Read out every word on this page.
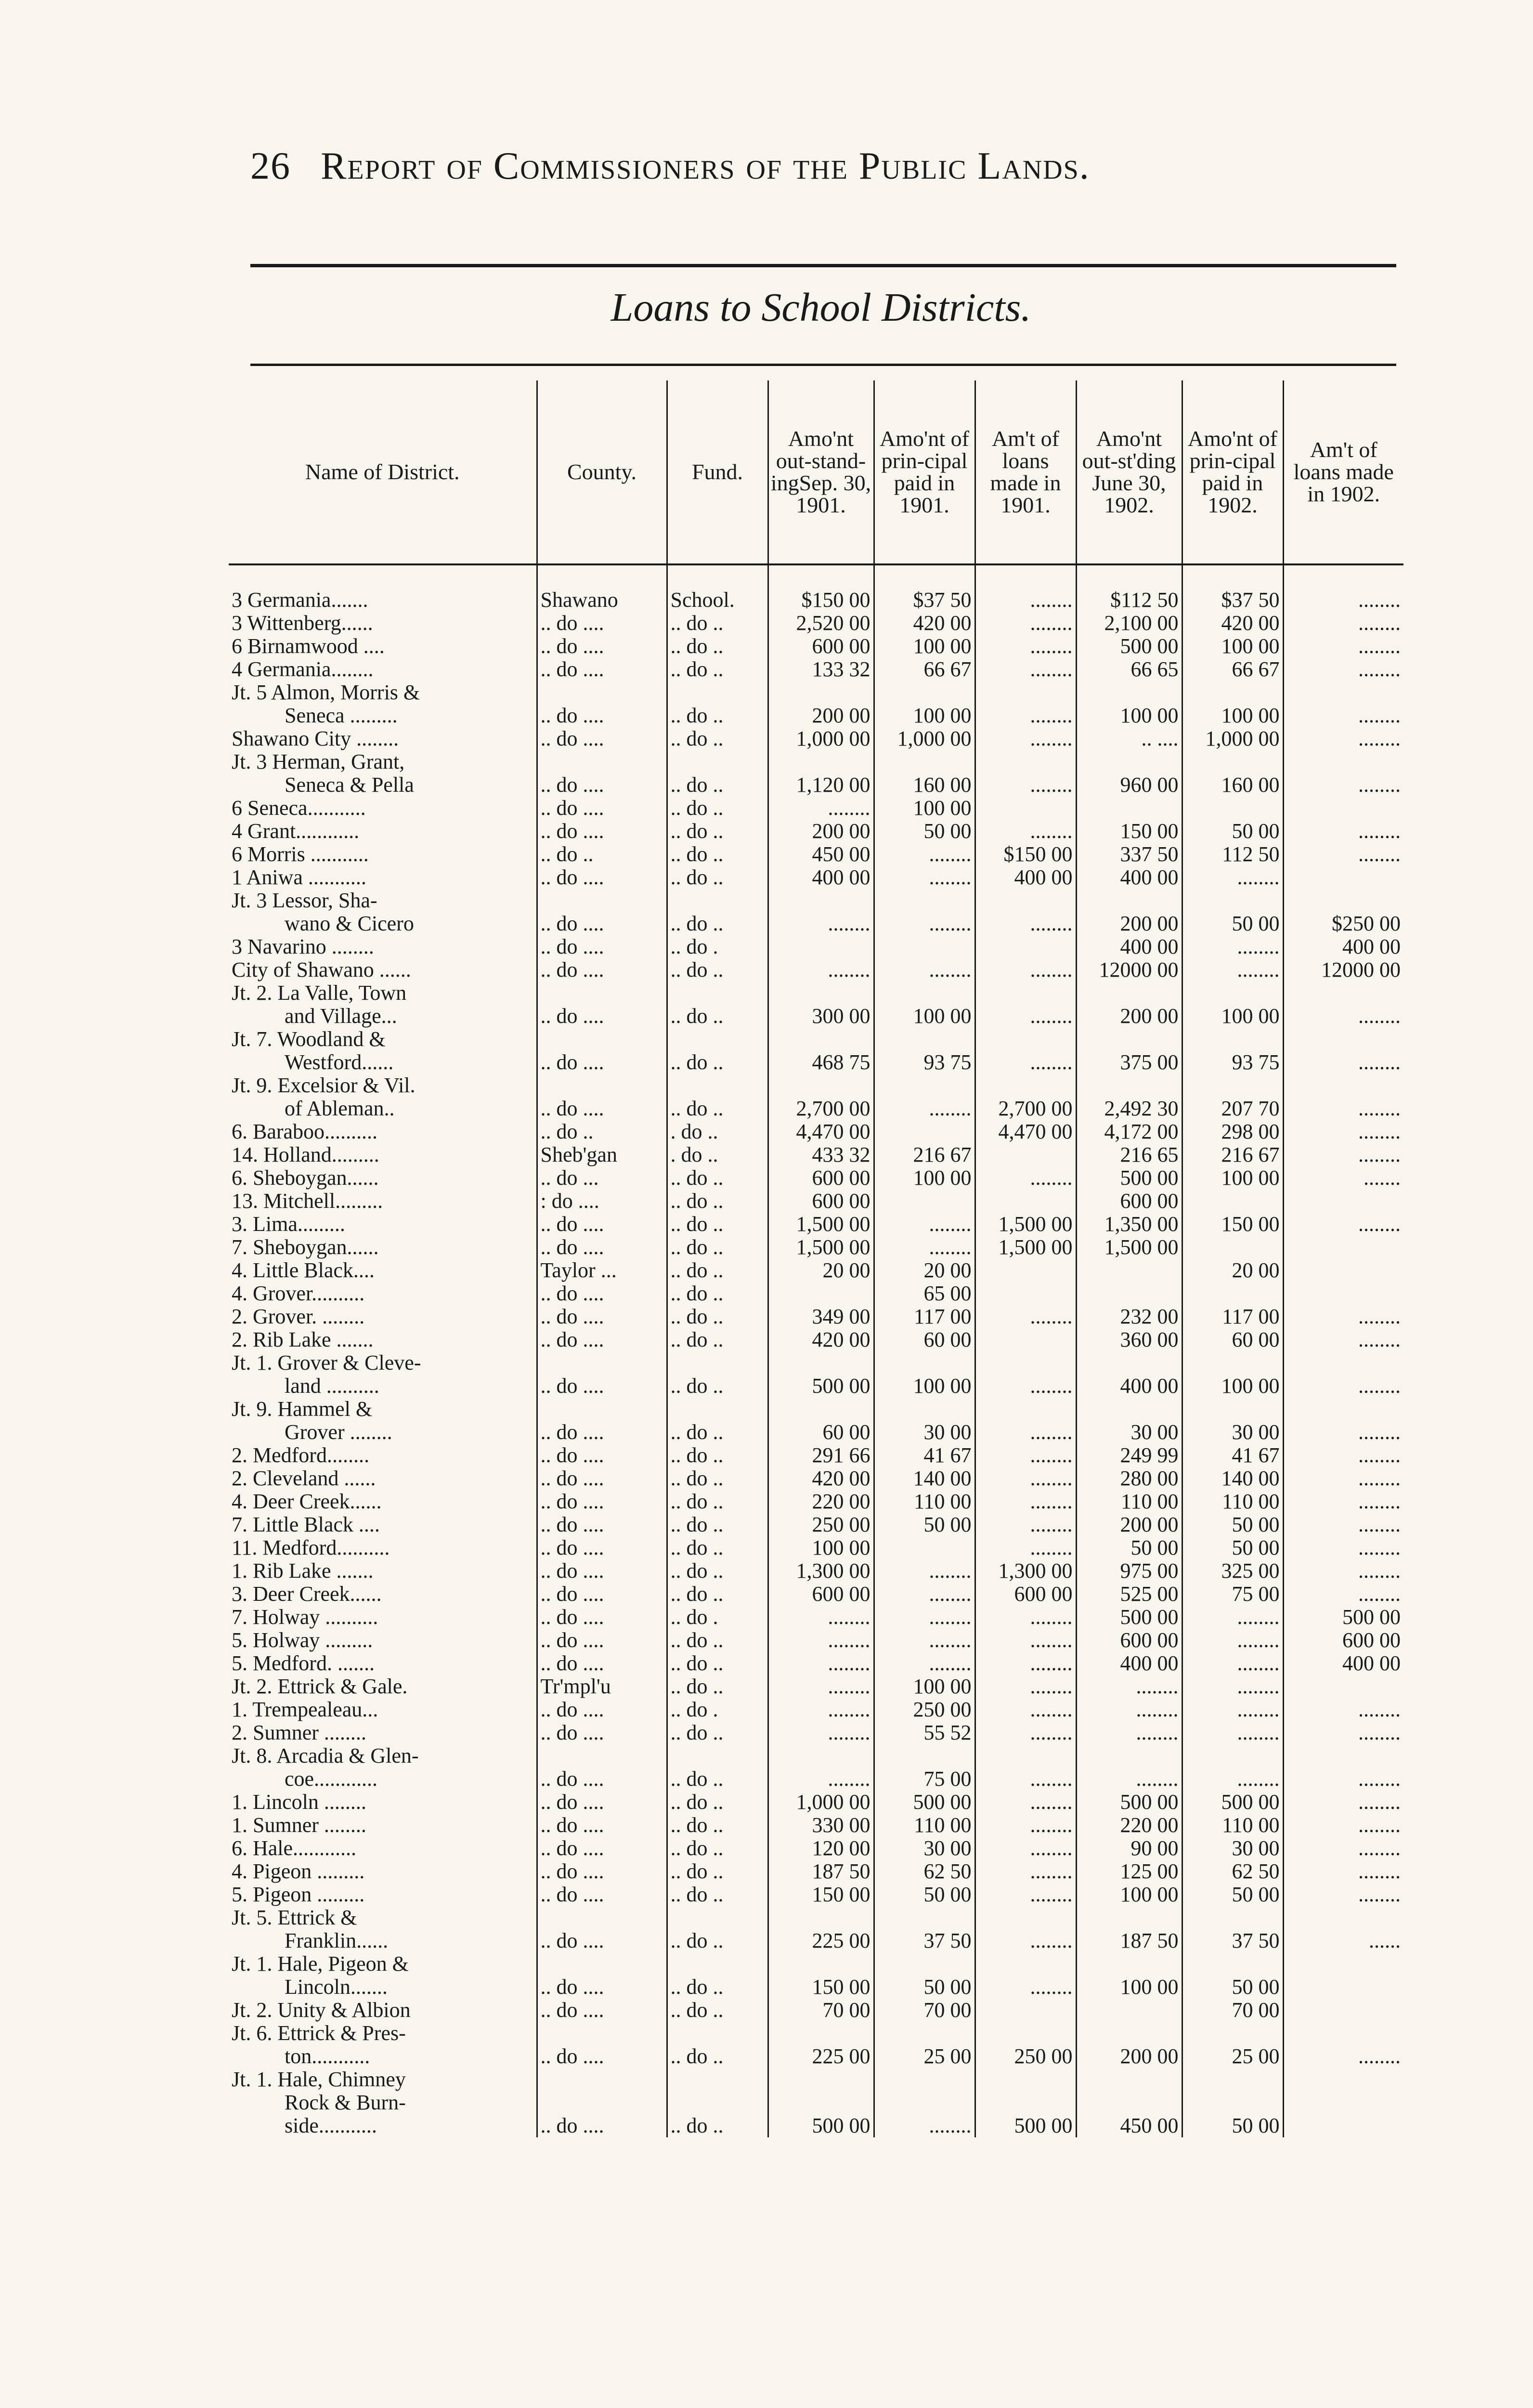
26 Report of Commissioners of the Public Lands.
Loans to School Districts.
Name of District.	County.	Fund.	Amo'nt out-stand-ingSep. 30, 1901.	Amo'nt of prin-cipal paid in 1901.	Am't of loans made in 1901.	Amo'nt out-st'ding June 30, 1902.	Amo'nt of prin-cipal paid in 1902.	Am't of loans made in 1902.

3 Germania.......	Shawano	School.	$150 00	$37 50	........	$112 50	$37 50	........

3 Wittenberg......	.. do ....	.. do ..	2,520 00	420 00	........	2,100 00	420 00	........

6 Birnamwood ....	.. do ....	.. do ..	600 00	100 00	........	500 00	100 00	........

4 Germania........	.. do ....	.. do ..	133 32	66 67	........	66 65	66 67	........

Jt. 5 Almon, Morris &
Seneca .........	.. do ....	.. do ..	200 00	100 00	........	100 00	100 00	........

Shawano City ........	.. do ....	.. do ..	1,000 00	1,000 00	........	.. ....	1,000 00	........

Jt. 3 Herman, Grant,
Seneca & Pella	.. do ....	.. do ..	1,120 00	160 00	........	960 00	160 00	........

6 Seneca...........	.. do ....	.. do ..	........	100 00				

4 Grant............	.. do ....	.. do ..	200 00	50 00	........	150 00	50 00	........

6 Morris ...........	.. do ..	.. do ..	450 00	........	$150 00	337 50	112 50	........

1 Aniwa ...........	.. do ....	.. do ..	400 00	........	400 00	400 00	........	

Jt. 3 Lessor, Sha-
wano & Cicero	.. do ....	.. do ..	........	........	........	200 00	50 00	$250 00

3 Navarino ........	.. do ....	.. do .				400 00	........	400 00

City of Shawano ......	.. do ....	.. do ..	........	........	........	12000 00	........	12000 00

Jt. 2. La Valle, Town
and Village...	.. do ....	.. do ..	300 00	100 00	........	200 00	100 00	........

Jt. 7. Woodland &
Westford......	.. do ....	.. do ..	468 75	93 75	........	375 00	93 75	........

Jt. 9. Excelsior & Vil.
of Ableman..	.. do ....	.. do ..	2,700 00	........	2,700 00	2,492 30	207 70	........

6. Baraboo..........	.. do ..	. do ..	4,470 00		4,470 00	4,172 00	298 00	........

14. Holland.........	Sheb'gan	. do ..	433 32	216 67		216 65	216 67	........

6. Sheboygan......	.. do ...	.. do ..	600 00	100 00	........	500 00	100 00	.......

13. Mitchell.........	: do ....	.. do ..	600 00			600 00		

3. Lima.........	.. do ....	.. do ..	1,500 00	........	1,500 00	1,350 00	150 00	........

7. Sheboygan......	.. do ....	.. do ..	1,500 00	........	1,500 00	1,500 00		

4. Little Black....	Taylor ...	.. do ..	20 00	20 00			20 00	

4. Grover..........	.. do ....	.. do ..		65 00				

2. Grover. ........	.. do ....	.. do ..	349 00	117 00	........	232 00	117 00	........

2. Rib Lake .......	.. do ....	.. do ..	420 00	60 00		360 00	60 00	........

Jt. 1. Grover & Cleve-
land ..........	.. do ....	.. do ..	500 00	100 00	........	400 00	100 00	........

Jt. 9. Hammel &
Grover ........	.. do ....	.. do ..	60 00	30 00	........	30 00	30 00	........

2. Medford........	.. do ....	.. do ..	291 66	41 67	........	249 99	41 67	........

2. Cleveland ......	.. do ....	.. do ..	420 00	140 00	........	280 00	140 00	........

4. Deer Creek......	.. do ....	.. do ..	220 00	110 00	........	110 00	110 00	........

7. Little Black ....	.. do ....	.. do ..	250 00	50 00	........	200 00	50 00	........

11. Medford..........	.. do ....	.. do ..	100 00		........	50 00	50 00	........

1. Rib Lake .......	.. do ....	.. do ..	1,300 00	........	1,300 00	975 00	325 00	........

3. Deer Creek......	.. do ....	.. do ..	600 00	........	600 00	525 00	75 00	........

7. Holway ..........	.. do ....	.. do .	........	........	........	500 00	........	500 00

5. Holway .........	.. do ....	.. do ..	........	........	........	600 00	........	600 00

5. Medford. .......	.. do ....	.. do ..	........	........	........	400 00	........	400 00

Jt. 2. Ettrick & Gale.	Tr'mpl'u	.. do ..	........	100 00	........	........	........	

1. Trempealeau...	.. do ....	.. do .	........	250 00	........	........	........	........

2. Sumner ........	.. do ....	.. do ..	........	55 52	........	........	........	........

Jt. 8. Arcadia & Glen-
coe............	.. do ....	.. do ..	........	75 00	........	........	........	........

1. Lincoln ........	.. do ....	.. do ..	1,000 00	500 00	........	500 00	500 00	........

1. Sumner ........	.. do ....	.. do ..	330 00	110 00	........	220 00	110 00	........

6. Hale............	.. do ....	.. do ..	120 00	30 00	........	90 00	30 00	........

4. Pigeon .........	.. do ....	.. do ..	187 50	62 50	........	125 00	62 50	........

5. Pigeon .........	.. do ....	.. do ..	150 00	50 00	........	100 00	50 00	........

Jt. 5. Ettrick &
Franklin......	.. do ....	.. do ..	225 00	37 50	........	187 50	37 50	......

Jt. 1. Hale, Pigeon &
Lincoln.......	.. do ....	.. do ..	150 00	50 00	........	100 00	50 00	

Jt. 2. Unity & Albion	.. do ....	.. do ..	70 00	70 00			70 00	

Jt. 6. Ettrick & Pres-
ton...........	.. do ....	.. do ..	225 00	25 00	250 00	200 00	25 00	........

Jt. 1. Hale, Chimney
Rock & Burn-
side...........	.. do ....	.. do ..	500 00	........	500 00	450 00	50 00	
